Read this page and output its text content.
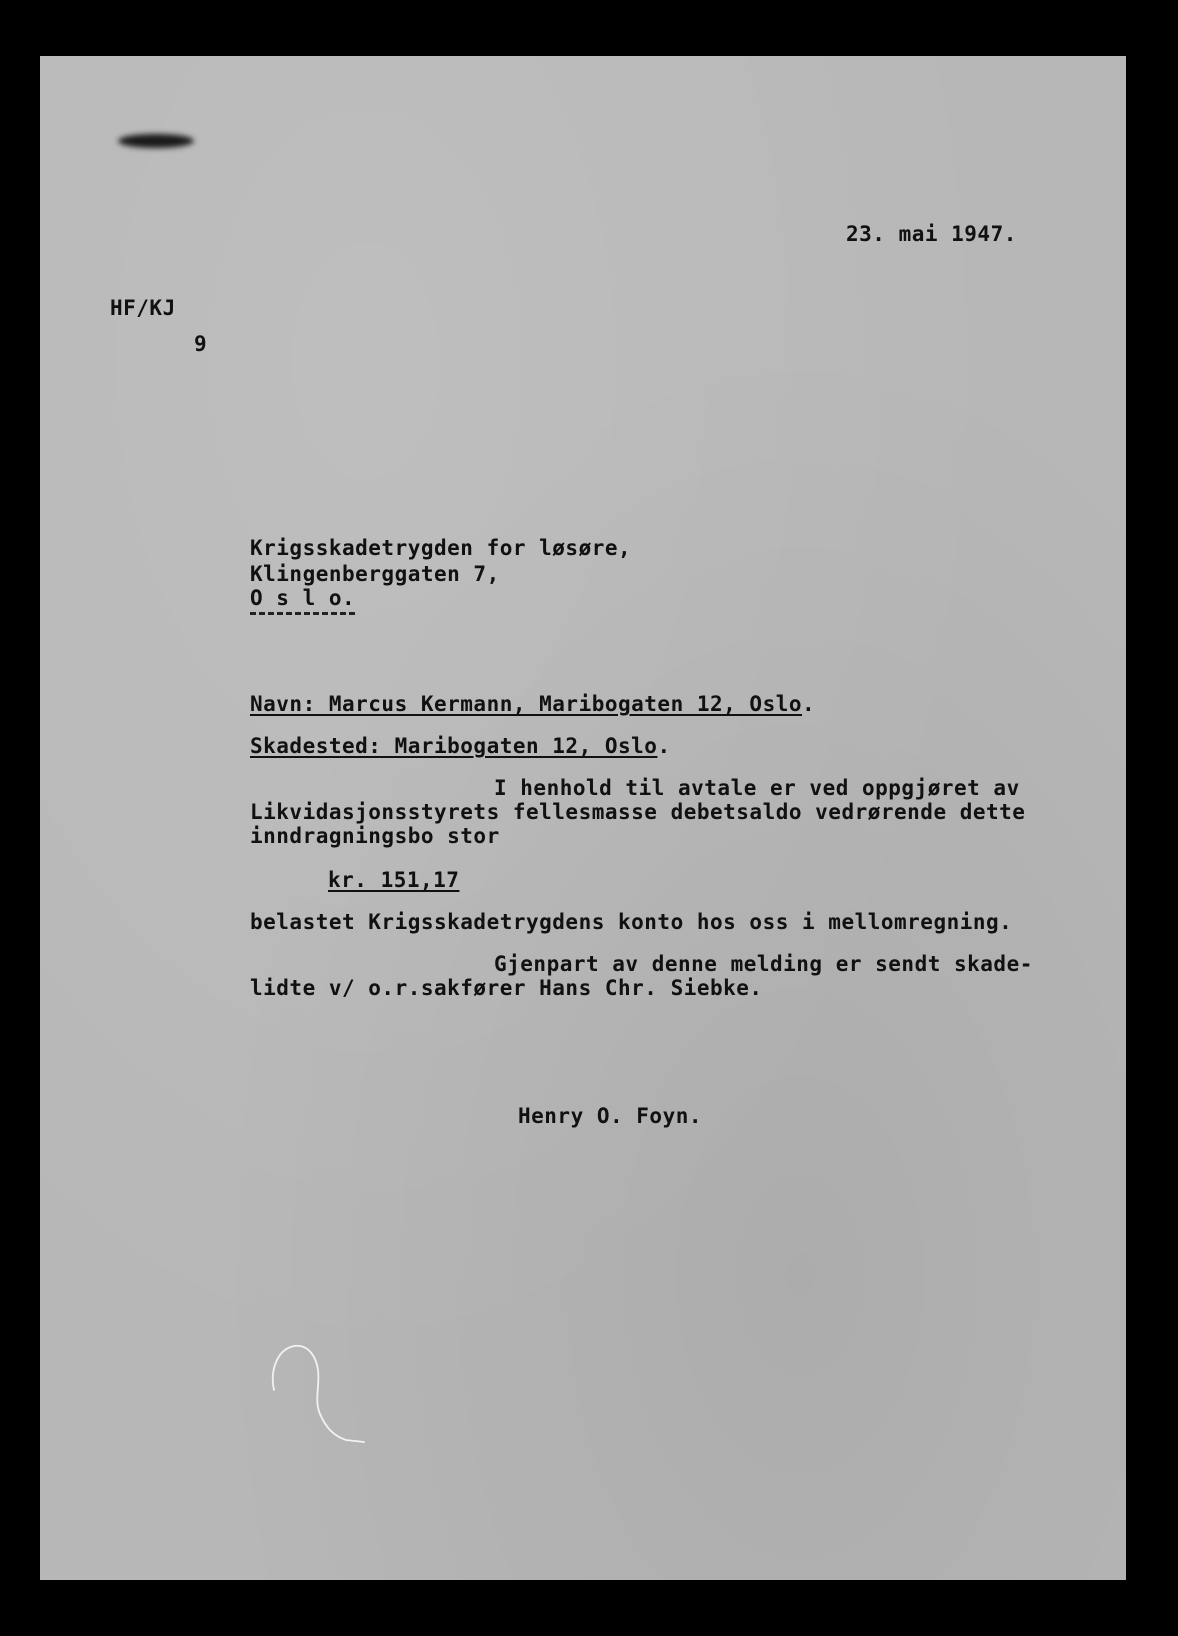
23. mai 1947.
HF/KJ
9
Krigsskadetrygden for løsøre,
Klingenberggaten 7,
O s l o.
Navn: Marcus Kermann, Maribogaten 12, Oslo.
Skadested: Maribogaten 12, Oslo.
I henhold til avtale er ved oppgjøret av
Likvidasjonsstyrets fellesmasse debetsaldo vedrørende dette
inndragningsbo stor
kr. 151,17
belastet Krigsskadetrygdens konto hos oss i mellomregning.
Gjenpart av denne melding er sendt skade-
lidte v/ o.r.sakfører Hans Chr. Siebke.
Henry O. Foyn.
